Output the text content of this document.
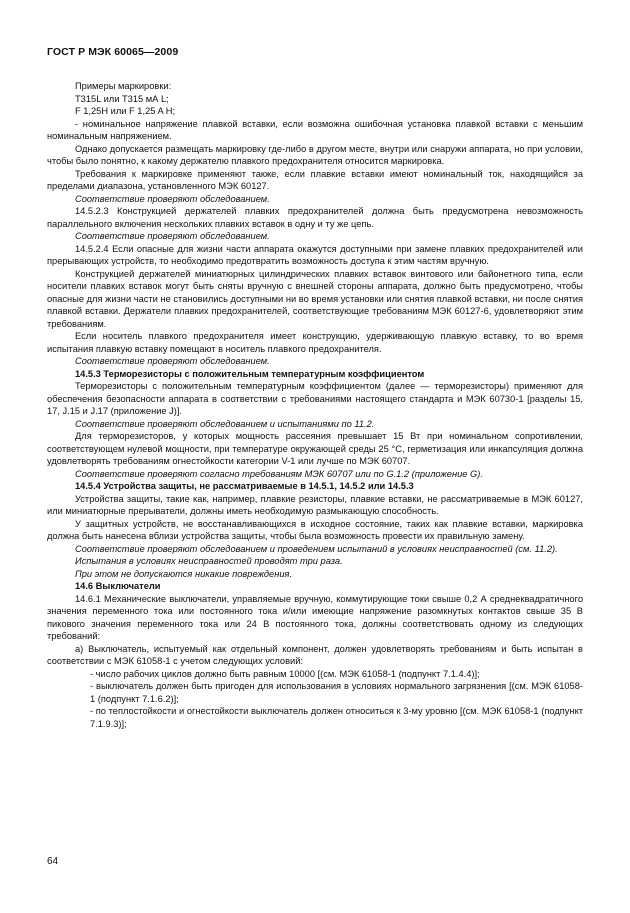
ГОСТ Р МЭК 60065—2009

Примеры маркировки:

T315L или T315 мА L;

F 1,25H или F 1,25 A H;

- номинальное напряжение плавкой вставки, если возможна ошибочная установка плавкой вставки с меньшим номинальным напряжением.

Однако допускается размещать маркировку где-либо в другом месте, внутри или снаружи аппарата, но при условии, чтобы было понятно, к какому держателю плавкого предохранителя относится маркировка.

Требования к маркировке применяют также, если плавкие вставки имеют номинальный ток, находящийся за пределами диапазона, установленного МЭК 60127.

Соответствие проверяют обследованием.

14.5.2.3 Конструкцией держателей плавких предохранителей должна быть предусмотрена невозможность параллельного включения нескольких плавких вставок в одну и ту же цепь.

Соответствие проверяют обследованием.

14.5.2.4 Если опасные для жизни части аппарата окажутся доступными при замене плавких предохранителей или прерывающих устройств, то необходимо предотвратить возможность доступа к этим частям вручную.

Конструкцией держателей миниатюрных цилиндрических плавких вставок винтового или байонетного типа, если носители плавких вставок могут быть сняты вручную с внешней стороны аппарата, должно быть предусмотрено, чтобы опасные для жизни части не становились доступными ни во время установки или снятия плавкой вставки, ни после снятия плавкой вставки. Держатели плавких предохранителей, соответствующие требованиям МЭК 60127-6, удовлетворяют этим требованиям.

Если носитель плавкого предохранителя имеет конструкцию, удерживающую плавкую вставку, то во время испытания плавкую вставку помещают в носитель плавкого предохранителя.

Соответствие проверяют обследованием.

14.5.3 Терморезисторы с положительным температурным коэффициентом

Терморезисторы с положительным температурным коэффициентом (далее — терморезисторы) применяют для обеспечения безопасности аппарата в соответствии с требованиями настоящего стандарта и МЭК 60730-1 [разделы 15, 17, J.15 и J.17 (приложение J)].

Соответствие проверяют обследованием и испытаниями по 11.2.

Для терморезисторов, у которых мощность рассеяния превышает 15 Вт при номинальном сопротивлении, соответствующем нулевой мощности, при температуре окружающей среды 25 °C, герметизация или инкапсуляция должна удовлетворять требованиям огнестойкости категории V-1 или лучше по МЭК 60707.

Соответствие проверяют согласно требованиям МЭК 60707 или по G.1.2 (приложение G).

14.5.4 Устройства защиты, не рассматриваемые в 14.5.1, 14.5.2 или 14.5.3

Устройства защиты, такие как, например, плавкие резисторы, плавкие вставки, не рассматриваемые в МЭК 60127, или миниатюрные прерыватели, должны иметь необходимую размыкающую способность.

У защитных устройств, не восстанавливающихся в исходное состояние, таких как плавкие вставки, маркировка должна быть нанесена вблизи устройства защиты, чтобы была возможность провести их правильную замену.

Соответствие проверяют обследованием и проведением испытаний в условиях неисправностей (см. 11.2).

Испытания в условиях неисправностей проводят три раза.

При этом не допускаются никакие повреждения.

14.6 Выключатели

14.6.1 Механические выключатели, управляемые вручную, коммутирующие токи свыше 0,2 А среднеквадратичного значения переменного тока или постоянного тока и/или имеющие напряжение разомкнутых контактов свыше 35 В пикового значения переменного тока или 24 В постоянного тока, должны соответствовать одному из следующих требований:

а) Выключатель, испытуемый как отдельный компонент, должен удовлетворять требованиям и быть испытан в соответствии с МЭК 61058-1 с учетом следующих условий:

- число рабочих циклов должно быть равным 10000 [(см. МЭК 61058-1 (подпункт 7.1.4.4)];

- выключатель должен быть пригоден для использования в условиях нормального загрязнения [(см. МЭК 61058-1 (подпункт 7.1.6.2)];

- по теплостойкости и огнестойкости выключатель должен относиться к 3-му уровню [(см. МЭК 61058-1 (подпункт 7.1.9.3)];

64
